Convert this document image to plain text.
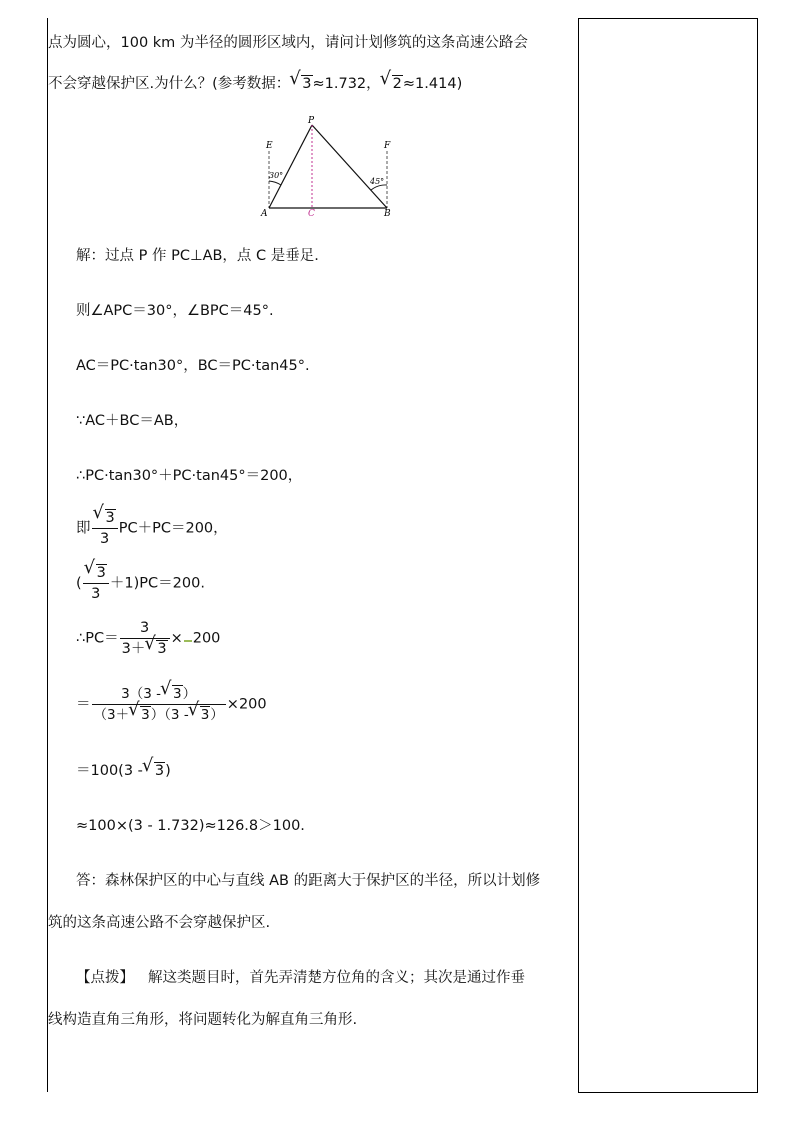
点为圆心，100 km 为半径的圆形区域内，请问计划修筑的这条高速公路会
不会穿越保护区.为什么？(参考数据： √ 3≈1.732， √ 2≈1.414)
P
E	F
A	B
C
30°
45°
解：过点 P 作 PC⊥AB，点 C 是垂足.
则∠APC＝30°，∠BPC＝45°.
AC＝PC·tan30°，BC＝PC·tan45°.
∵AC＋BC＝AB，
∴PC·tan30°＋PC·tan45°＝200，
即 √ $\frac{3}{3} PC+PC=200$，
( √ $\frac{3}{3} +1)PC=200$.
∴PC＝ $\frac{3}{3+ √ 3} \times 200$
＝ $\frac{3(3 - √ 3)}{(3+ √ 3)(3 - √ 3)} \times 200$
＝100(3 - √ 3)
≈100×(3 - 1.732)≈126.8＞100.
答：森林保护区的中心与直线 AB 的距离大于保护区的半径，所以计划修
筑的这条高速公路不会穿越保护区.
【点拨】 解这类题目时，首先弄清楚方位角的含义；其次是通过作垂
线构造直角三角形，将问题转化为解直角三角形.
